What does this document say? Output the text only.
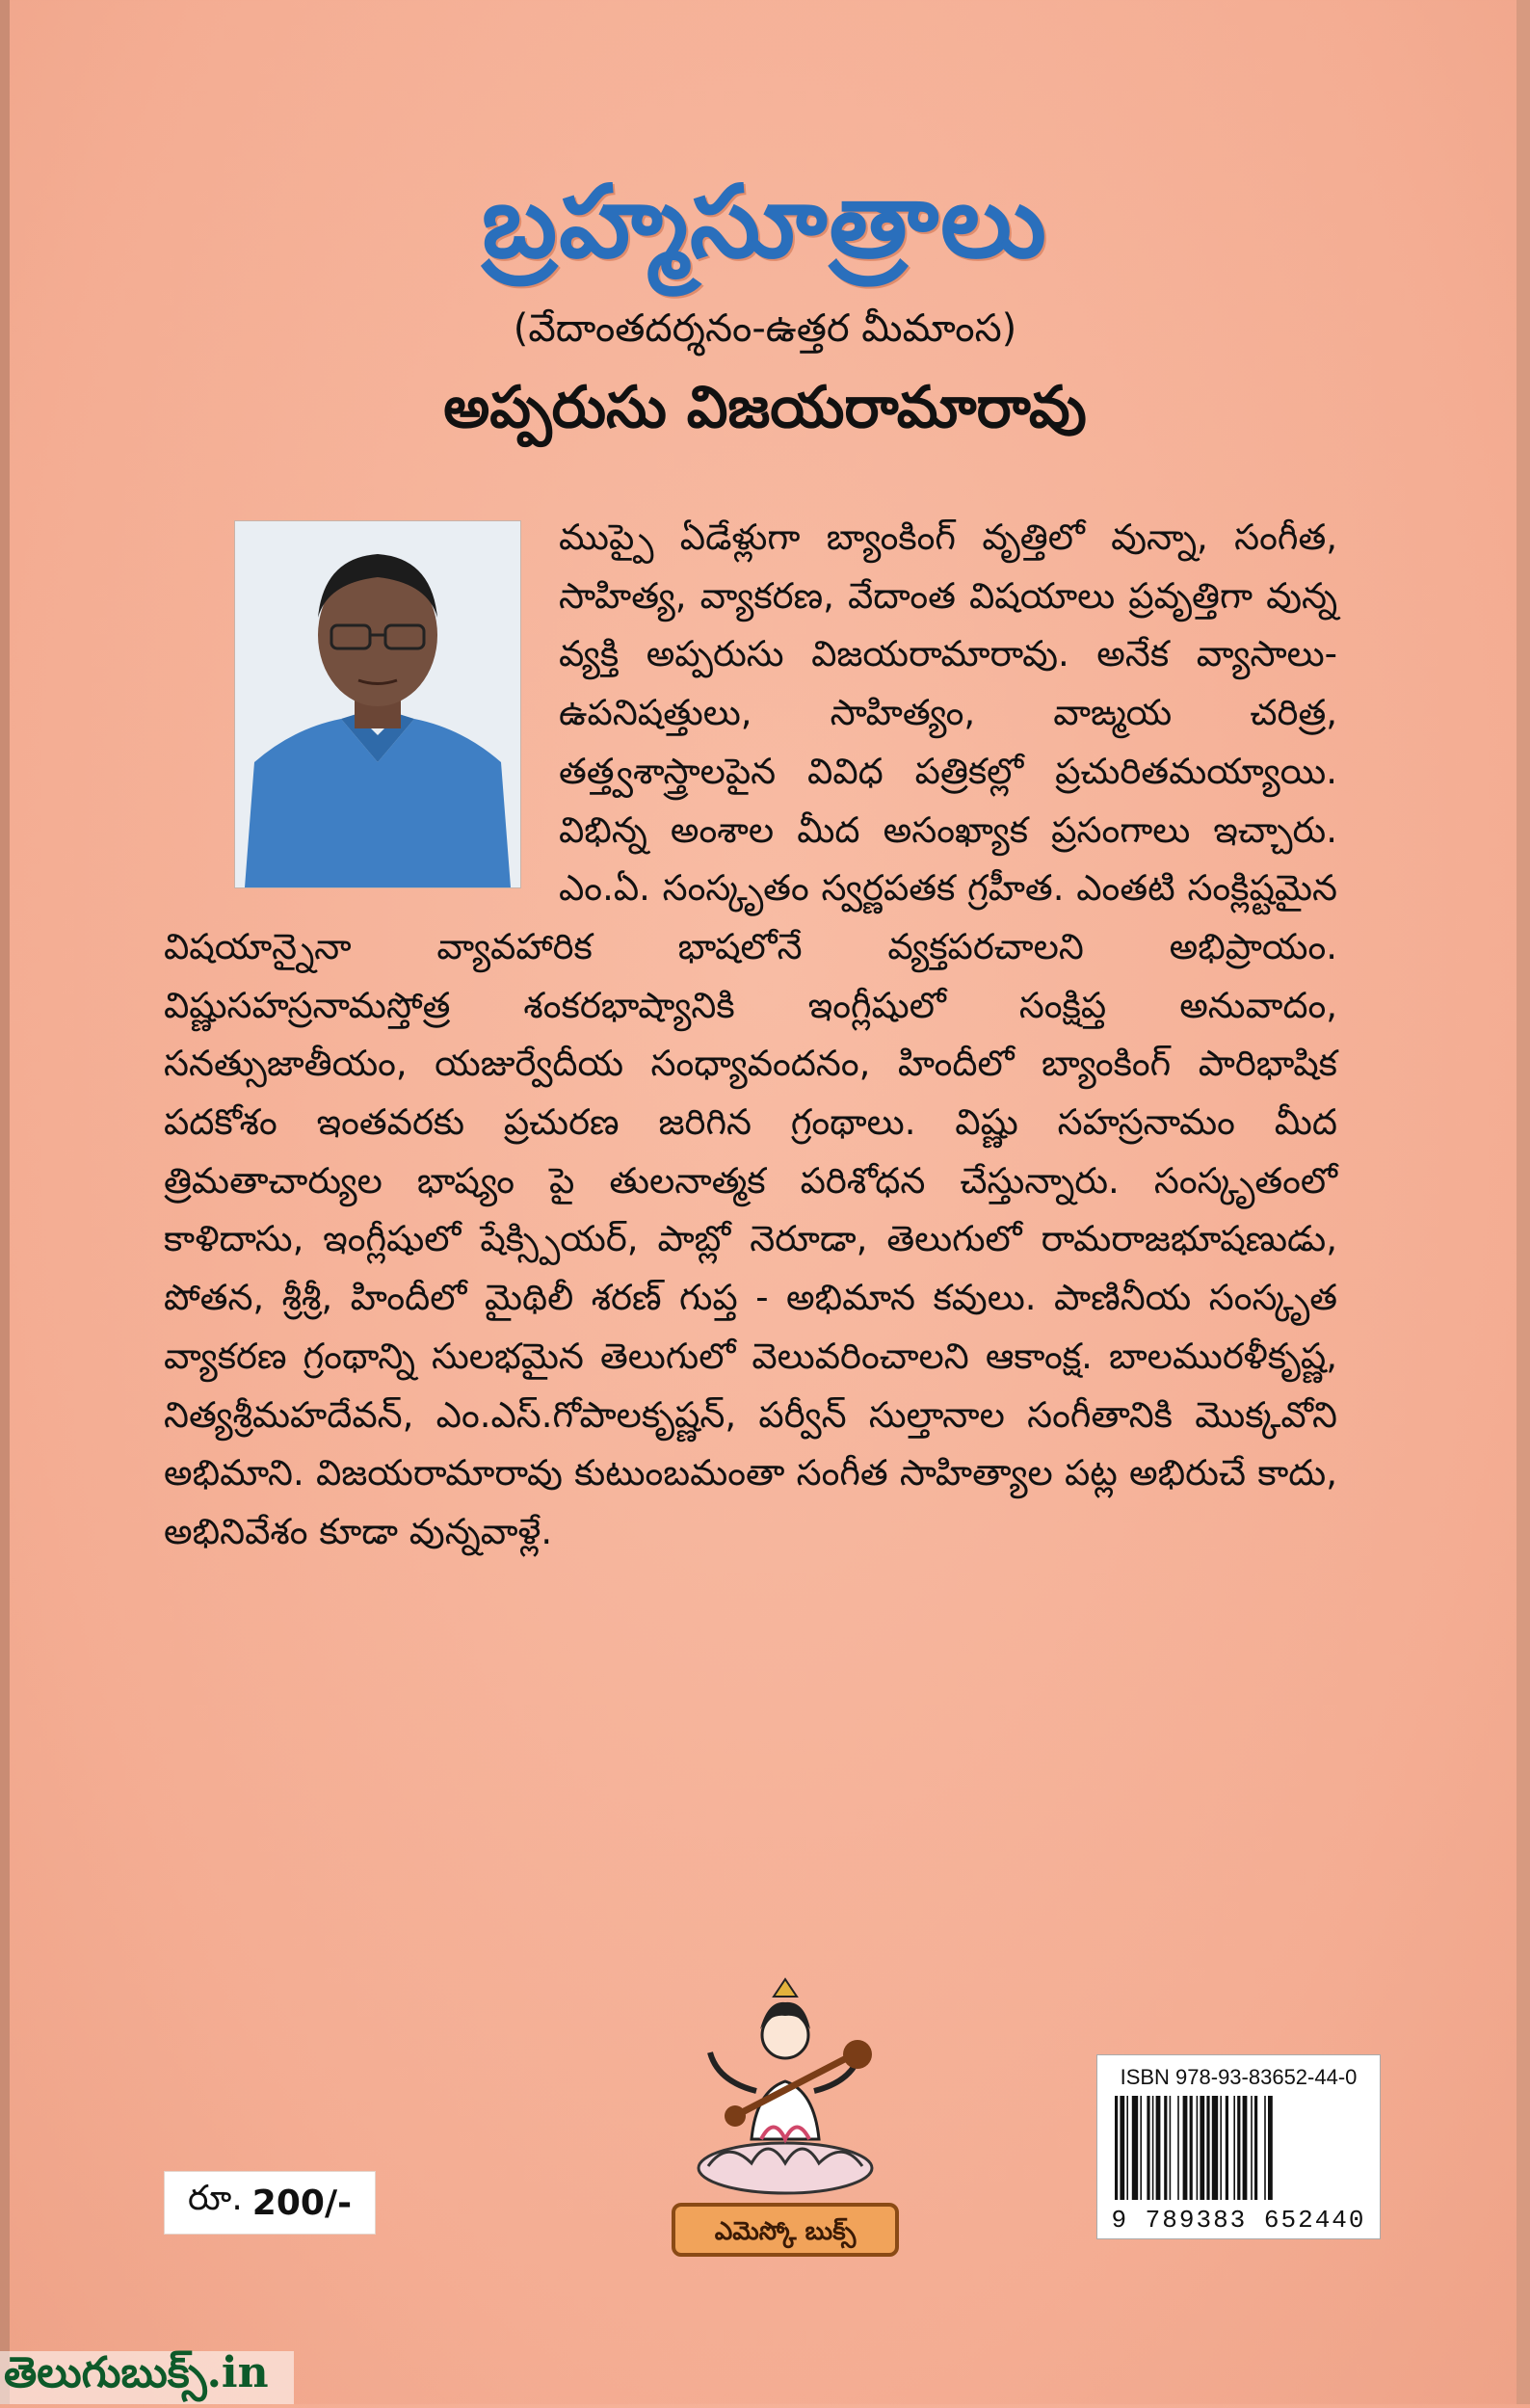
బ్రహ్మసూత్రాలు
(వేదాంతదర్శనం-ఉత్తర మీమాంస)
అప్పరుసు విజయరామారావు
ముప్పై ఏడేళ్లుగా బ్యాంకింగ్ వృత్తిలో వున్నా, సంగీత, సాహిత్య, వ్యాకరణ, వేదాంత విషయాలు ప్రవృత్తిగా వున్న వ్యక్తి అప్పరుసు విజయరామారావు. అనేక వ్యాసాలు- ఉపనిషత్తులు, సాహిత్యం, వాఙ్మయ చరిత్ర, తత్త్వశాస్త్రాలపైన వివిధ పత్రికల్లో ప్రచురితమయ్యాయి. విభిన్న అంశాల మీద అసంఖ్యాక ప్రసంగాలు ఇచ్చారు. ఎం.ఏ. సంస్కృతం స్వర్ణపతక గ్రహీత. ఎంతటి సంక్లిష్టమైన విషయాన్నైనా వ్యావహారిక భాషలోనే వ్యక్తపరచాలని అభిప్రాయం. విష్ణుసహస్రనామస్తోత్ర శంకరభాష్యానికి ఇంగ్లీషులో సంక్షిప్త అనువాదం, సనత్సుజాతీయం, యజుర్వేదీయ సంధ్యావందనం, హిందీలో బ్యాంకింగ్ పారిభాషిక పదకోశం ఇంతవరకు ప్రచురణ జరిగిన గ్రంథాలు. విష్ణు సహస్రనామం మీద త్రిమతాచార్యుల భాష్యం పై తులనాత్మక పరిశోధన చేస్తున్నారు. సంస్కృతంలో కాళిదాసు, ఇంగ్లీషులో షేక్స్పియర్, పాబ్లో నెరూడా, తెలుగులో రామరాజభూషణుడు, పోతన, శ్రీశ్రీ, హిందీలో మైథిలీ శరణ్ గుప్త - అభిమాన కవులు. పాణినీయ సంస్కృత వ్యాకరణ గ్రంథాన్ని సులభమైన తెలుగులో వెలువరించాలని ఆకాంక్ష. బాలమురళీకృష్ణ, నిత్యశ్రీమహదేవన్, ఎం.ఎస్.గోపాలకృష్ణన్, పర్వీన్ సుల్తానాల సంగీతానికి మొక్కవోని అభిమాని. విజయరామారావు కుటుంబమంతా సంగీత సాహిత్యాల పట్ల అభిరుచే కాదు, అభినివేశం కూడా వున్నవాళ్లే.
రూ. 200/-
ఎమెస్కో బుక్స్
ISBN 978-93-83652-44-0
9 789383 652440
తెలుగుబుక్స్.in
